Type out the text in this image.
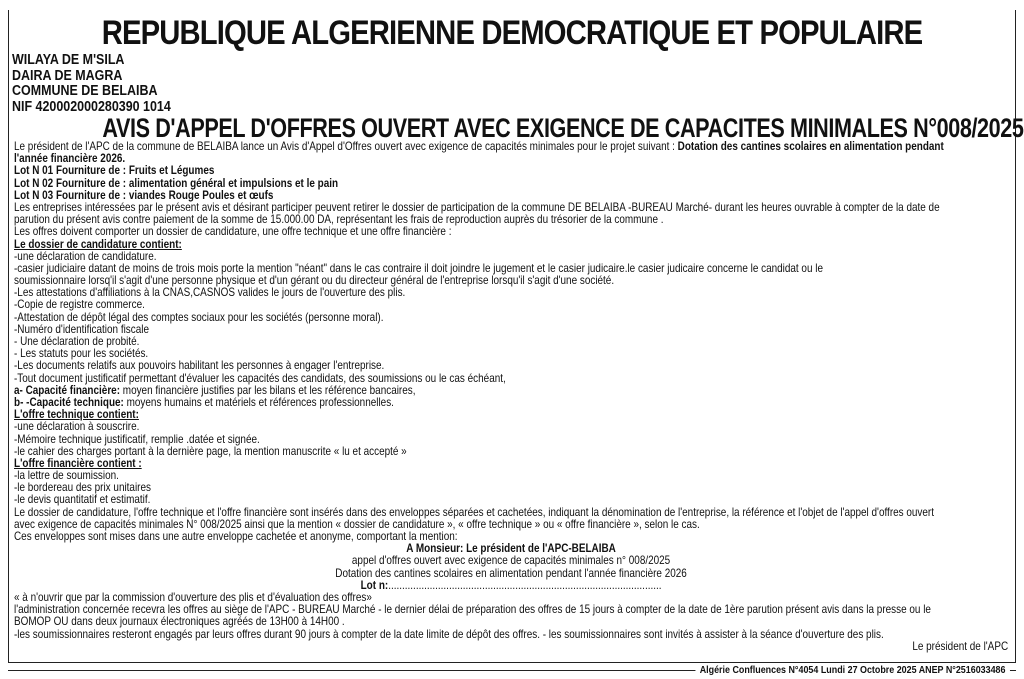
REPUBLIQUE ALGERIENNE DEMOCRATIQUE ET POPULAIRE
WILAYA DE M'SILA
DAIRA DE MAGRA
COMMUNE DE BELAIBA
NIF 420002000280390 1014
AVIS D'APPEL D'OFFRES OUVERT AVEC EXIGENCE DE CAPACITES MINIMALES N°008/2025
Le président de l'APC de la commune de BELAIBA lance un Avis d'Appel d'Offres ouvert avec exigence de capacités minimales pour le projet suivant : Dotation des cantines scolaires en alimentation pendant
l'année financière 2026.
Lot N 01 Fourniture de : Fruits et Légumes
Lot N 02 Fourniture de : alimentation général et impulsions et le pain
Lot N 03 Fourniture de : viandes Rouge Poules et œufs
Les entreprises intéressées par le présent avis et désirant participer peuvent retirer le dossier de participation de la commune DE BELAIBA -BUREAU Marché- durant les heures ouvrable à compter de la date de
parution du présent avis contre paiement de la somme de 15.000.00 DA, représentant les frais de reproduction auprès du trésorier de la commune .
Les offres doivent comporter un dossier de candidature, une offre technique et une offre financière :
Le dossier de candidature contient:
-une déclaration de candidature.
-casier judiciaire datant de moins de trois mois porte la mention "néant" dans le cas contraire il doit joindre le jugement et le casier judicaire.le casier judicaire concerne le candidat ou le
soumissionnaire lorsq'il s'agit d'une personne physique et d'un gérant ou du directeur général de l'entreprise lorsqu'il s'agit d'une société.
-Les attestations d'affiliations à la CNAS,CASNOS valides le jours de l'ouverture des plis.
-Copie de registre commerce.
-Attestation de dépôt légal des comptes sociaux pour les sociétés (personne moral).
-Numéro d'identification fiscale
- Une déclaration de probité.
- Les statuts pour les sociétés.
-Les documents relatifs aux pouvoirs habilitant les personnes à engager l'entreprise.
-Tout document justificatif permettant d'évaluer les capacités des candidats, des soumissions ou le cas échéant,
a- Capacité financière: moyen financière justifies par les bilans et les référence bancaires,
b- -Capacité technique: moyens humains et matériels et références professionnelles.
L'offre technique contient:
-une déclaration à souscrire.
-Mémoire technique justificatif, remplie .datée et signée.
-le cahier des charges portant à la dernière page, la mention manuscrite « lu et accepté »
L'offre financière contient :
-la lettre de soumission.
-le bordereau des prix unitaires
-le devis quantitatif et estimatif.
Le dossier de candidature, l'offre technique et l'offre financière sont insérés dans des enveloppes séparées et cachetées, indiquant la dénomination de l'entreprise, la référence et l'objet de l'appel d'offres ouvert
avec exigence de capacités minimales N° 008/2025 ainsi que la mention « dossier de candidature », « offre technique » ou « offre financière », selon le cas.
Ces enveloppes sont mises dans une autre enveloppe cachetée et anonyme, comportant la mention:
A Monsieur: Le président de l'APC-BELAIBA
appel d'offres ouvert avec exigence de capacités minimales n° 008/2025
Dotation des cantines scolaires en alimentation pendant l'année financière 2026
Lot n:...................................................................................................
« à n'ouvrir que par la commission d'ouverture des plis et d'évaluation des offres»
l'administration concernée recevra les offres au siège de l'APC - BUREAU Marché - le dernier délai de préparation des offres de 15 jours à compter de la date de 1ère parution présent avis dans la presse ou le
BOMOP OU dans deux journaux électroniques agréés de 13H00 à 14H00 .
-les soumissionnaires resteront engagés par leurs offres durant 90 jours à compter de la date limite de dépôt des offres. - les soumissionnaires sont invités à assister à la séance d'ouverture des plis.
Le président de l'APC
Algérie Confluences N°4054 Lundi 27 Octobre 2025 ANEP N°2516033486
